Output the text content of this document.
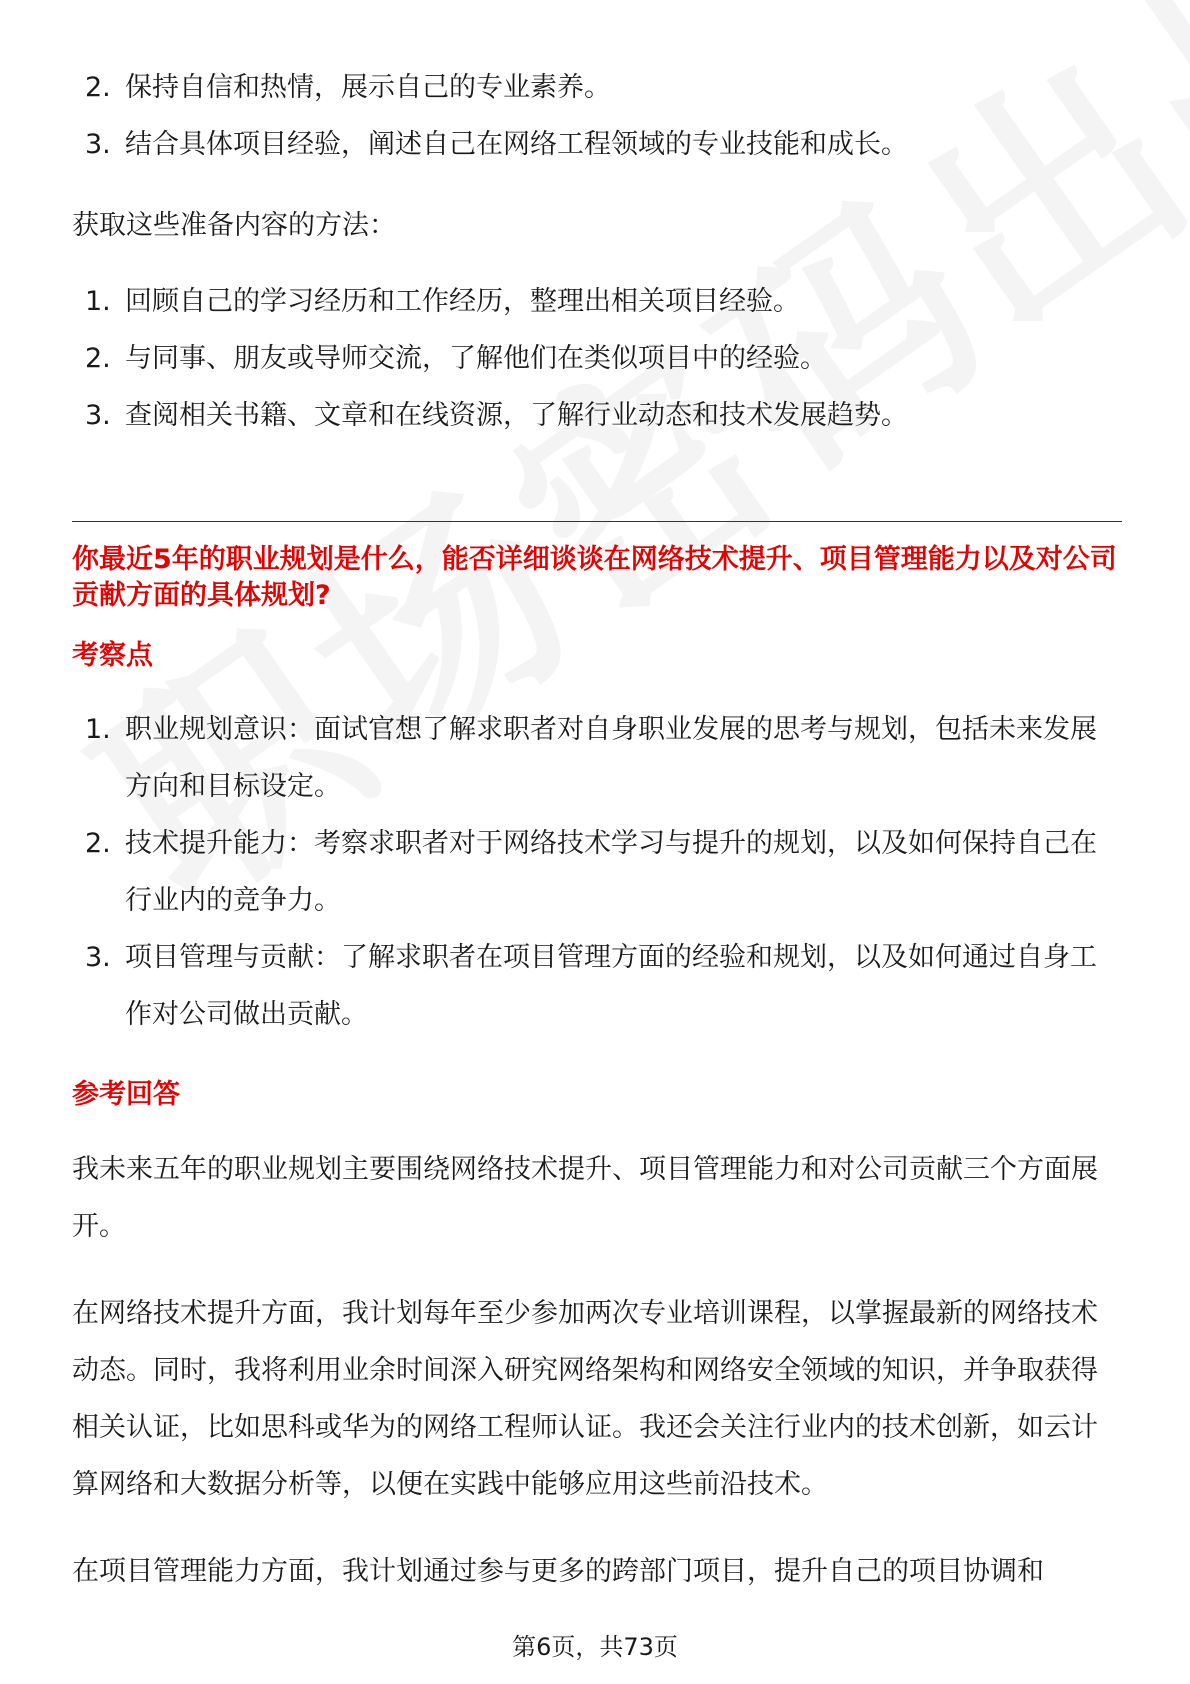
2. 保持自信和热情，展示自己的专业素养。
3. 结合具体项目经验，阐述自己在网络工程领域的专业技能和成长。

获取这些准备内容的方法：

1. 回顾自己的学习经历和工作经历，整理出相关项目经验。
2. 与同事、朋友或导师交流，了解他们在类似项目中的经验。
3. 查阅相关书籍、文章和在线资源，了解行业动态和技术发展趋势。

你最近5年的职业规划是什么，能否详细谈谈在网络技术提升、项目管理能力以及对公司贡献方面的具体规划?

考察点

1. 职业规划意识：面试官想了解求职者对自身职业发展的思考与规划，包括未来发展方向和目标设定。
2. 技术提升能力：考察求职者对于网络技术学习与提升的规划，以及如何保持自己在行业内的竞争力。
3. 项目管理与贡献：了解求职者在项目管理方面的经验和规划，以及如何通过自身工作对公司做出贡献。

参考回答

我未来五年的职业规划主要围绕网络技术提升、项目管理能力和对公司贡献三个方面展开。

在网络技术提升方面，我计划每年至少参加两次专业培训课程，以掌握最新的网络技术动态。同时，我将利用业余时间深入研究网络架构和网络安全领域的知识，并争取获得相关认证，比如思科或华为的网络工程师认证。我还会关注行业内的技术创新，如云计算网络和大数据分析等，以便在实践中能够应用这些前沿技术。

在项目管理能力方面，我计划通过参与更多的跨部门项目，提升自己的项目协调和

第6页，共73页
